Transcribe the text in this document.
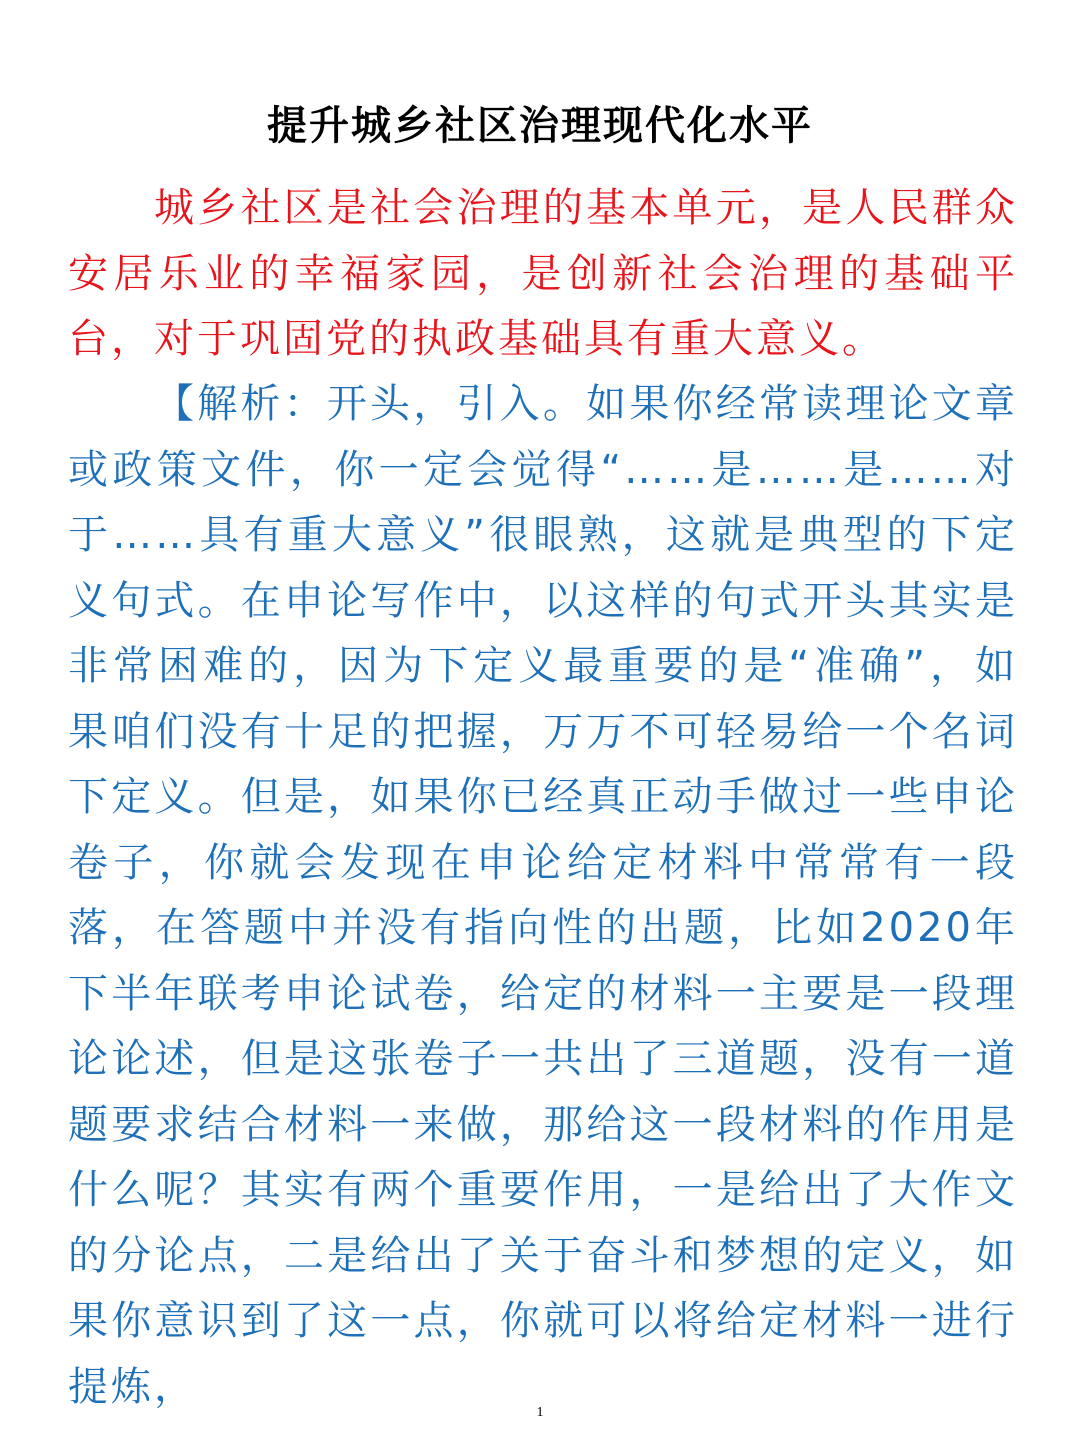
提升城乡社区治理现代化水平

城乡社区是社会治理的基本单元，是人民群众安居乐业的幸福家园，是创新社会治理的基础平台，对于巩固党的执政基础具有重大意义。

【解析：开头，引入。如果你经常读理论文章或政策文件，你一定会觉得“……是……是……对于……具有重大意义”很眼熟，这就是典型的下定义句式。在申论写作中，以这样的句式开头其实是非常困难的，因为下定义最重要的是“准确”，如果咱们没有十足的把握，万万不可轻易给一个名词下定义。但是，如果你已经真正动手做过一些申论卷子，你就会发现在申论给定材料中常常有一段落，在答题中并没有指向性的出题，比如2020年下半年联考申论试卷，给定的材料一主要是一段理论论述，但是这张卷子一共出了三道题，没有一道题要求结合材料一来做，那给这一段材料的作用是什么呢？其实有两个重要作用，一是给出了大作文的分论点，二是给出了关于奋斗和梦想的定义，如果你意识到了这一点，你就可以将给定材料一进行提炼，

1
